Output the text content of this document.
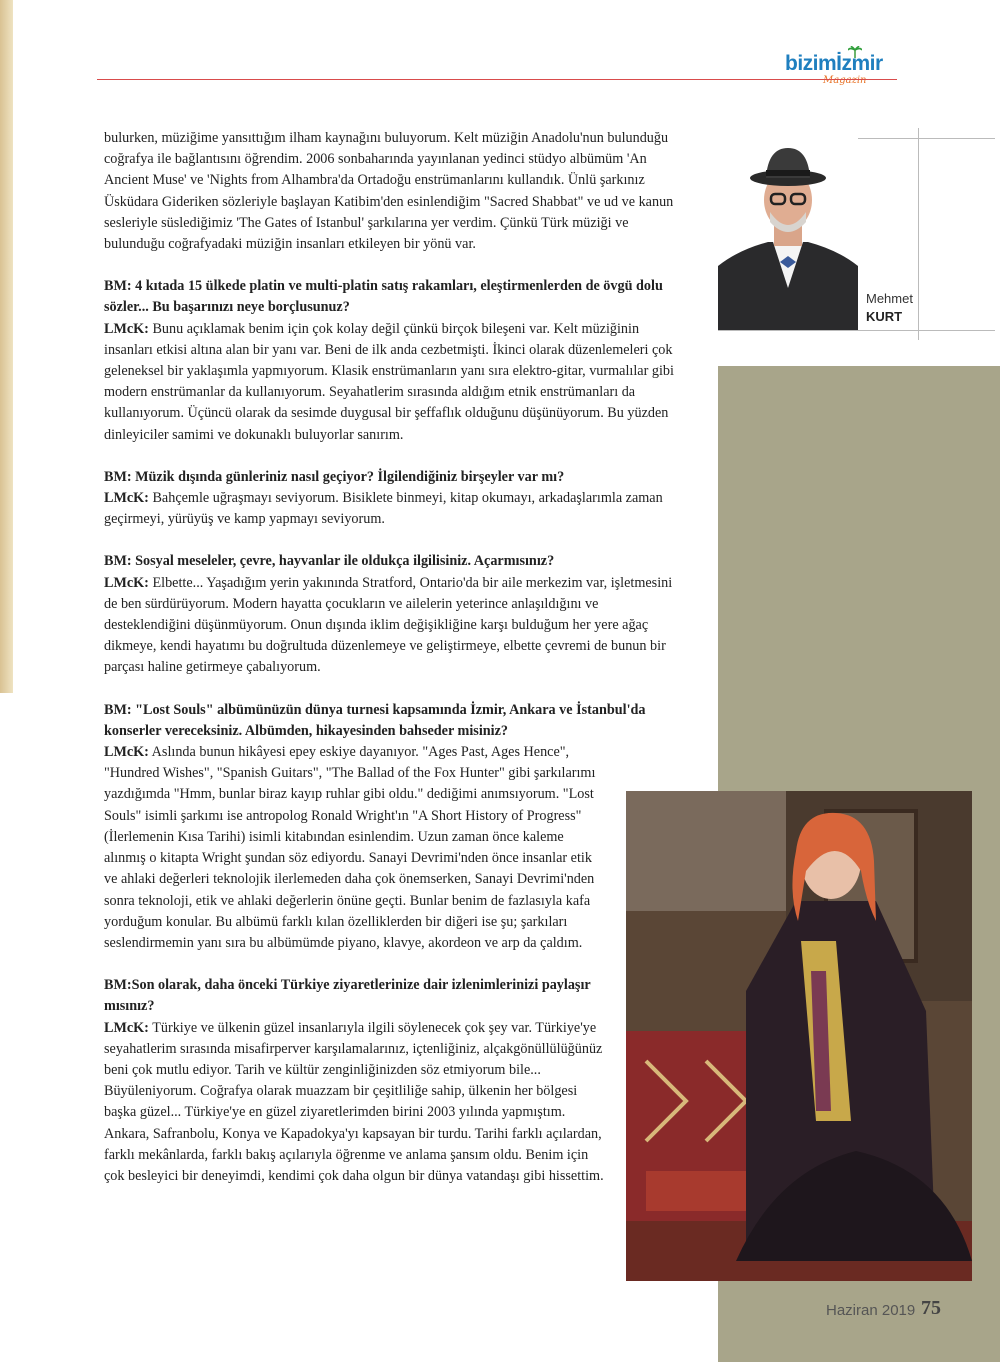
bizimİzmir
Magazin
Mehmet
KURT

bulurken, müziğime yansıttığım ilham kaynağını buluyorum. Kelt müziğin Anadolu'nun bulunduğu coğrafya ile bağlantısını öğrendim. 2006 sonbaharında yayınlanan yedinci stüdyo albümüm 'An Ancient Muse' ve 'Nights from Alhambra'da Ortadoğu enstrümanlarını kullandık. Ünlü şarkınız Üsküdara Gideriken sözleriyle başlayan Katibim'den esinlendiğim "Sacred Shabbat" ve ud ve kanun sesleriyle süslediğimiz 'The Gates of Istanbul' şarkılarına yer verdim. Çünkü Türk müziği ve bulunduğu coğrafyadaki müziğin insanları etkileyen bir yönü var.

BM: 4 kıtada 15 ülkede platin ve multi-platin satış rakamları, eleştirmenlerden de övgü dolu sözler... Bu başarınızı neye borçlusunuz?

LMcK: Bunu açıklamak benim için çok kolay değil çünkü birçok bileşeni var. Kelt müziğinin insanları etkisi altına alan bir yanı var. Beni de ilk anda cezbetmişti. İkinci olarak düzenlemeleri çok geleneksel bir yaklaşımla yapmıyorum. Klasik enstrümanların yanı sıra elektro-gitar, vurmalılar gibi modern enstrümanlar da kullanıyorum. Seyahatlerim sırasında aldığım etnik enstrümanları da kullanıyorum. Üçüncü olarak da sesimde duygusal bir şeffaflık olduğunu düşünüyorum. Bu yüzden dinleyiciler samimi ve dokunaklı buluyorlar sanırım.

BM: Müzik dışında günleriniz nasıl geçiyor? İlgilendiğiniz birşeyler var mı?

LMcK: Bahçemle uğraşmayı seviyorum. Bisiklete binmeyi, kitap okumayı, arkadaşlarımla zaman geçirmeyi, yürüyüş ve kamp yapmayı seviyorum.

BM: Sosyal meseleler, çevre, hayvanlar ile oldukça ilgilisiniz. Açarmısınız?

LMcK: Elbette... Yaşadığım yerin yakınında Stratford, Ontario'da bir aile merkezim var, işletmesini de ben sürdürüyorum. Modern hayatta çocukların ve ailelerin yeterince anlaşıldığını ve desteklendiğini düşünmüyorum. Onun dışında iklim değişikliğine karşı bulduğum her yere ağaç dikmeye, kendi hayatımı bu doğrultuda düzenlemeye ve geliştirmeye, elbette çevremi de bunun bir parçası haline getirmeye çabalıyorum.

BM: "Lost Souls" albümünüzün dünya turnesi kapsamında İzmir, Ankara ve İstanbul'da konserler vereceksiniz. Albümden, hikayesinden bahseder misiniz?

LMcK: Aslında bunun hikâyesi epey eskiye dayanıyor. "Ages Past, Ages Hence", "Hundred Wishes", "Spanish Guitars", "The Ballad of the Fox Hunter" gibi şarkılarımı yazdığımda "Hmm, bunlar biraz kayıp ruhlar gibi oldu." dediğimi anımsıyorum. "Lost Souls" isimli şarkımı ise antropolog Ronald Wright'ın "A Short History of Progress" (İlerlemenin Kısa Tarihi) isimli kitabından esinlendim. Uzun zaman önce kaleme alınmış o kitapta Wright şundan söz ediyordu. Sanayi Devrimi'nden önce insanlar etik ve ahlaki değerleri teknolojik ilerlemeden daha çok önemserken, Sanayi Devrimi'nden sonra teknoloji, etik ve ahlaki değerlerin önüne geçti. Bunlar benim de fazlasıyla kafa yorduğum konular. Bu albümü farklı kılan özelliklerden bir diğeri ise şu; şarkıları seslendirmemin yanı sıra bu albümümde piyano, klavye, akordeon ve arp da çaldım.

BM:Son olarak, daha önceki Türkiye ziyaretlerinize dair izlenimlerinizi paylaşır mısınız?

LMcK: Türkiye ve ülkenin güzel insanlarıyla ilgili söylenecek çok şey var. Türkiye'ye seyahatlerim sırasında misafirperver karşılamalarınız, içtenliğiniz, alçakgönüllülüğünüz beni çok mutlu ediyor. Tarih ve kültür zenginliğinizden söz etmiyorum bile... Büyüleniyorum. Coğrafya olarak muazzam bir çeşitliliğe sahip, ülkenin her bölgesi başka güzel... Türkiye'ye en güzel ziyaretlerimden birini 2003 yılında yapmıştım. Ankara, Safranbolu, Konya ve Kapadokya'yı kapsayan bir turdu. Tarihi farklı açılardan, farklı mekânlarda, farklı bakış açılarıyla öğrenme ve anlama şansım oldu. Benim için çok besleyici bir deneyimdi, kendimi çok daha olgun bir dünya vatandaşı gibi hissettim.

Haziran 2019 75
